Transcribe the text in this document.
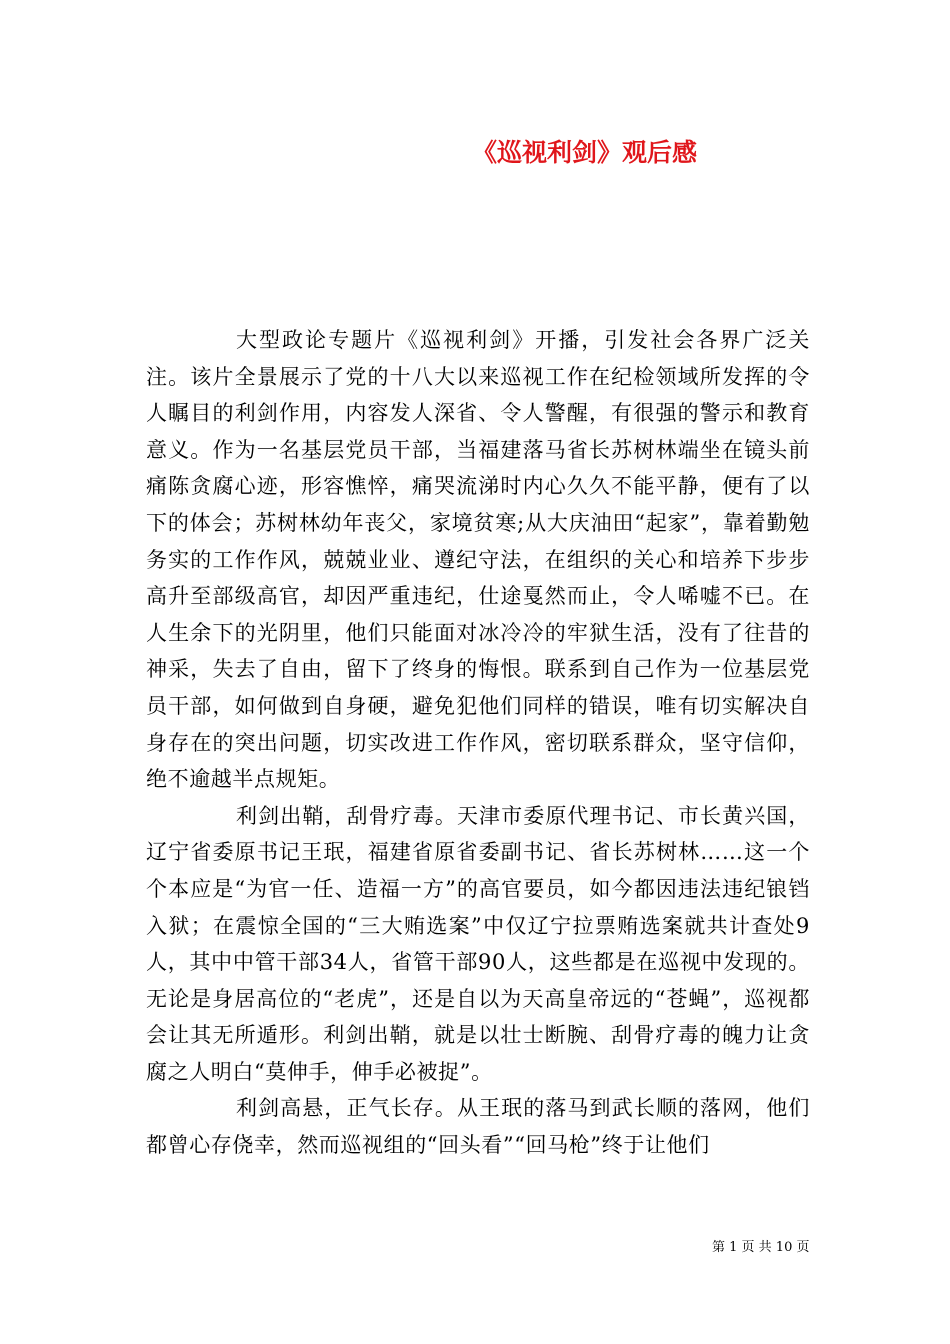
《巡视利剑》观后感

大型政论专题片《巡视利剑》开播，引发社会各界广泛关注。该片全景展示了党的十八大以来巡视工作在纪检领域所发挥的令人瞩目的利剑作用，内容发人深省、令人警醒，有很强的警示和教育意义。作为一名基层党员干部，当福建落马省长苏树林端坐在镜头前痛陈贪腐心迹，形容憔悴，痛哭流涕时内心久久不能平静，便有了以下的体会；苏树林幼年丧父，家境贫寒;从大庆油田“起家”，靠着勤勉务实的工作作风，兢兢业业、遵纪守法，在组织的关心和培养下步步高升至部级高官，却因严重违纪，仕途戛然而止，令人唏嘘不已。在人生余下的光阴里，他们只能面对冰冷冷的牢狱生活，没有了往昔的神采，失去了自由，留下了终身的悔恨。联系到自己作为一位基层党员干部，如何做到自身硬，避免犯他们同样的错误，唯有切实解决自身存在的突出问题，切实改进工作作风，密切联系群众，坚守信仰，绝不逾越半点规矩。

利剑出鞘，刮骨疗毒。天津市委原代理书记、市长黄兴国，辽宁省委原书记王珉，福建省原省委副书记、省长苏树林……这一个个本应是“为官一任、造福一方”的高官要员，如今都因违法违纪锒铛入狱；在震惊全国的“三大贿选案”中仅辽宁拉票贿选案就共计查处9人，其中中管干部34人，省管干部90人，这些都是在巡视中发现的。无论是身居高位的“老虎”，还是自以为天高皇帝远的“苍蝇”，巡视都会让其无所遁形。利剑出鞘，就是以壮士断腕、刮骨疗毒的魄力让贪腐之人明白“莫伸手，伸手必被捉”。

利剑高悬，正气长存。从王珉的落马到武长顺的落网，他们都曾心存侥幸，然而巡视组的“回头看”“回马枪”终于让他们

第 1 页 共 10 页
